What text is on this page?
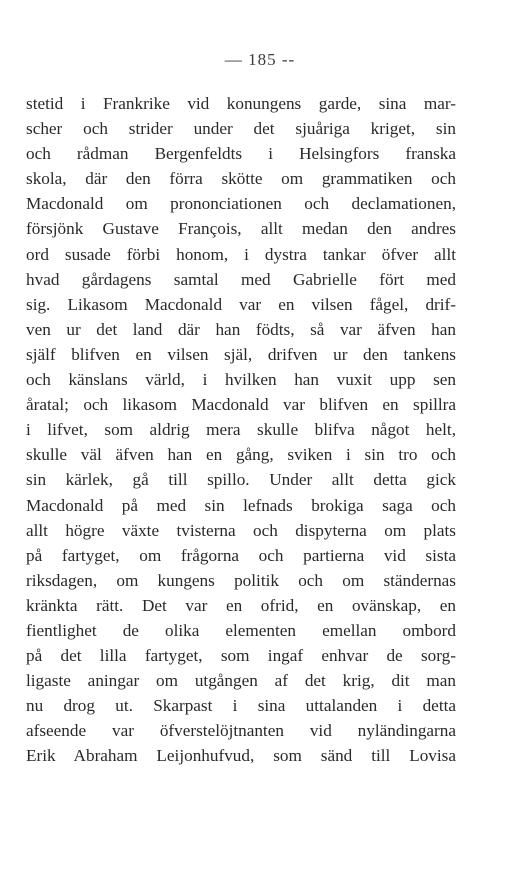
— 185 --
stetid i Frankrike vid konungens garde, sina mar-
scher och strider under det sjuåriga kriget, sin
och rådman Bergenfeldts i Helsingfors franska
skola, där den förra skötte om grammatiken och
Macdonald om prononciationen och declamationen,
försjönk Gustave François, allt medan den andres
ord susade förbi honom, i dystra tankar öfver allt
hvad gårdagens samtal med Gabrielle fört med
sig. Likasom Macdonald var en vilsen fågel, drif-
ven ur det land där han födts, så var äfven han
själf blifven en vilsen själ, drifven ur den tankens
och känslans värld, i hvilken han vuxit upp sen
åratal; och likasom Macdonald var blifven en spillra
i lifvet, som aldrig mera skulle blifva något helt,
skulle väl äfven han en gång, sviken i sin tro och
sin kärlek, gå till spillo. Under allt detta gick
Macdonald på med sin lefnads brokiga saga och
allt högre växte tvisterna och dispyterna om plats
på fartyget, om frågorna och partierna vid sista
riksdagen, om kungens politik och om ständernas
kränkta rätt. Det var en ofrid, en ovänskap, en
fientlighet de olika elementen emellan ombord
på det lilla fartyget, som ingaf enhvar de sorg-
ligaste aningar om utgången af det krig, dit man
nu drog ut. Skarpast i sina uttalanden i detta
afseende var öfverstelöjtnanten vid nyländingarna
Erik Abraham Leijonhufvud, som sänd till Lovisa
